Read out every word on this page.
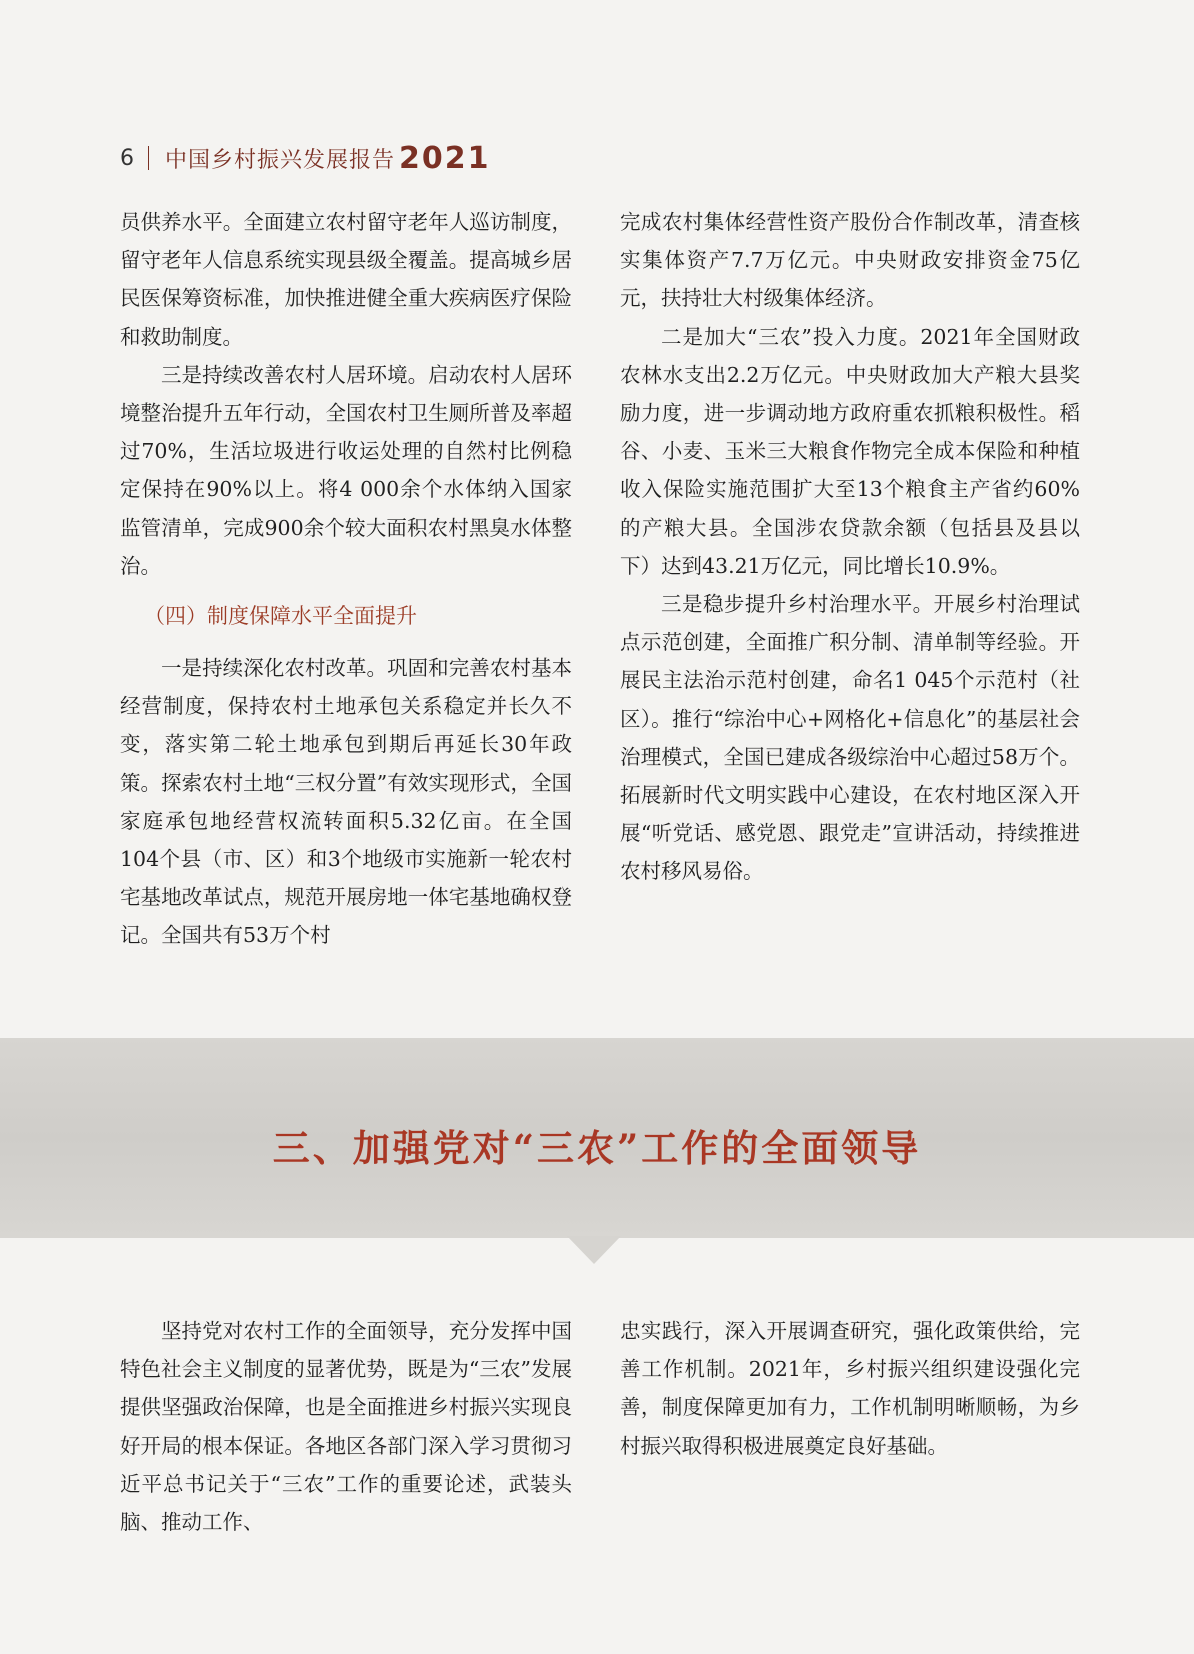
6 中国乡村振兴发展报告 2021

员供养水平。全面建立农村留守老年人巡访制度，留守老年人信息系统实现县级全覆盖。提高城乡居民医保筹资标准，加快推进健全重大疾病医疗保险和救助制度。

三是持续改善农村人居环境。启动农村人居环境整治提升五年行动，全国农村卫生厕所普及率超过70%，生活垃圾进行收运处理的自然村比例稳定保持在90%以上。将4 000余个水体纳入国家监管清单，完成900余个较大面积农村黑臭水体整治。

（四）制度保障水平全面提升

一是持续深化农村改革。巩固和完善农村基本经营制度，保持农村土地承包关系稳定并长久不变，落实第二轮土地承包到期后再延长30年政策。探索农村土地“三权分置”有效实现形式，全国家庭承包地经营权流转面积5.32亿亩。在全国104个县（市、区）和3个地级市实施新一轮农村宅基地改革试点，规范开展房地一体宅基地确权登记。全国共有53万个村

完成农村集体经营性资产股份合作制改革，清查核实集体资产7.7万亿元。中央财政安排资金75亿元，扶持壮大村级集体经济。

二是加大“三农”投入力度。2021年全国财政农林水支出2.2万亿元。中央财政加大产粮大县奖励力度，进一步调动地方政府重农抓粮积极性。稻谷、小麦、玉米三大粮食作物完全成本保险和种植收入保险实施范围扩大至13个粮食主产省约60%的产粮大县。全国涉农贷款余额（包括县及县以下）达到43.21万亿元，同比增长10.9%。

三是稳步提升乡村治理水平。开展乡村治理试点示范创建，全面推广积分制、清单制等经验。开展民主法治示范村创建，命名1 045个示范村（社区）。推行“综治中心+网格化+信息化”的基层社会治理模式，全国已建成各级综治中心超过58万个。拓展新时代文明实践中心建设，在农村地区深入开展“听党话、感党恩、跟党走”宣讲活动，持续推进农村移风易俗。

三、加强党对“三农”工作的全面领导

坚持党对农村工作的全面领导，充分发挥中国特色社会主义制度的显著优势，既是为“三农”发展提供坚强政治保障，也是全面推进乡村振兴实现良好开局的根本保证。各地区各部门深入学习贯彻习近平总书记关于“三农”工作的重要论述，武装头脑、推动工作、

忠实践行，深入开展调查研究，强化政策供给，完善工作机制。2021年，乡村振兴组织建设强化完善，制度保障更加有力，工作机制明晰顺畅，为乡村振兴取得积极进展奠定良好基础。
